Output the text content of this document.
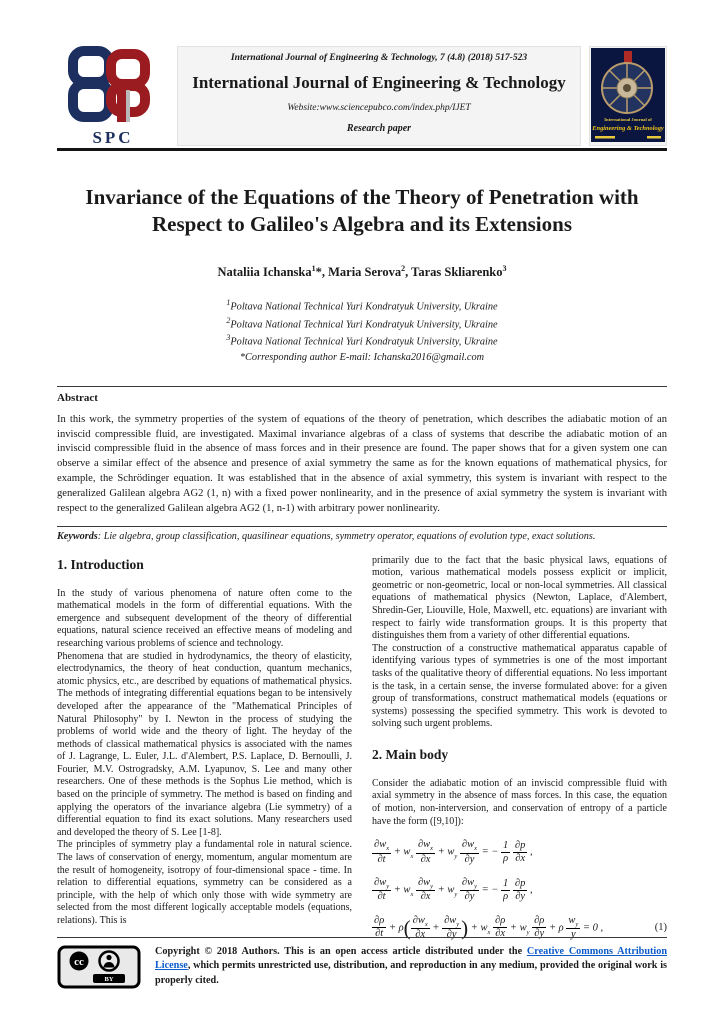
SPC
International Journal of Engineering & Technology, 7 (4.8) (2018) 517-523
International Journal of Engineering & Technology
Website:www.sciencepubco.com/index.php/IJET
Research paper
International Journal of
Engineering & Technology
Invariance of the Equations of the Theory of Penetration with
Respect to Galileo's Algebra and its Extensions
Nataliia Ichanska$^1$*, Maria Serova$^2$, Taras Skliarenko$^3$
$^1$Poltava National Technical Yuri Kondratyuk University, Ukraine
$^2$Poltava National Technical Yuri Kondratyuk University, Ukraine
$^3$Poltava National Technical Yuri Kondratyuk University, Ukraine
*Corresponding author E-mail: Ichanska2016@gmail.com
Abstract

In this work, the symmetry properties of the system of equations of the theory of penetration, which describes the adiabatic motion of an inviscid compressible fluid, are investigated. Maximal invariance algebras of a class of systems that describe the adiabatic motion of an inviscid compressible fluid in the absence of mass forces and in their presence are found. The paper shows that for a given system one can observe a similar effect of the absence and presence of axial symmetry the same as for the known equations of mathematical physics, for example, the Schrödinger equation. It was established that in the absence of axial symmetry, this system is invariant with respect to the generalized Galilean algebra AG2 (1, n) with a fixed power nonlinearity, and in the presence of axial symmetry the system is invariant with respect to the generalized Galilean algebra AG2 (1, n-1) with arbitrary power nonlinearity.

Keywords: Lie algebra, group classification, quasilinear equations, symmetry operator, equations of evolution type, exact solutions.
1. Introduction

In the study of various phenomena of nature often come to the mathematical models in the form of differential equations. With the emergence and subsequent development of the theory of differential equations, natural science received an effective means of modeling and researching various problems of science and technology.

Phenomena that are studied in hydrodynamics, the theory of elasticity, electrodynamics, the theory of heat conduction, quantum mechanics, atomic physics, etc., are described by equations of mathematical physics. The methods of integrating differential equations began to be intensively developed after the appearance of the "Mathematical Principles of Natural Philosophy" by I. Newton in the process of studying the problems of world wide and the theory of light. The heyday of the methods of classical mathematical physics is associated with the names of J. Lagrange, L. Euler, J.L. d'Alembert, P.S. Laplace, D. Bernoulli, J. Fourier, M.V. Ostrogradsky, A.M. Lyapunov, S. Lee and many other researchers. One of these methods is the Sophus Lie method, which is based on the principle of symmetry. The method is based on finding and applying the operators of the invariance algebra (Lie symmetry) of a differential equation to find its exact solutions. Many researchers used and developed the theory of S. Lee [1-8].

The principles of symmetry play a fundamental role in natural science. The laws of conservation of energy, momentum, angular momentum are the result of homogeneity, isotropy of four-dimensional space - time. In relation to differential equations, symmetry can be considered as a principle, with the help of which only those with wide symmetry are selected from the most different logically acceptable models (equations, relations). This is

primarily due to the fact that the basic physical laws, equations of motion, various mathematical models possess explicit or implicit, geometric or non-geometric, local or non-local symmetries. All classical equations of mathematical physics (Newton, Laplace, d'Alembert, Shredin-Ger, Liouville, Hole, Maxwell, etc. equations) are invariant with respect to fairly wide transformation groups. It is this property that distinguishes them from a variety of other differential equations.

The construction of a constructive mathematical apparatus capable of identifying various types of symmetries is one of the most important tasks of the qualitative theory of differential equations. No less important is the task, in a certain sense, the inverse formulated above: for a given group of transformations, construct mathematical models (equations or systems) possessing the specified symmetry. This work is devoted to solving such urgent problems.

2. Main body

Consider the adiabatic motion of an inviscid compressible fluid with axial symmetry in the absence of mass forces. In this case, the equation of motion, non-interversion, and conservation of entropy of a particle have the form ([9,10]):

$\frac{\partial w_x}{\partial t} + w_x \frac{\partial w_x}{\partial x} + w_y \frac{\partial w_x}{\partial y}$ = − $\frac{1}{\rho}$
$\frac{\partial p}{\partial x}$ ,
$\frac{\partial w_y}{\partial t} + w_x \frac{\partial w_y}{\partial x} + w_y \frac{\partial w_y}{\partial y}$ = − $\frac{1}{\rho}$
$\frac{\partial p}{\partial y}$ ,
$\frac{\partial\rho}{\partial t} + \rho( \frac{\partial w_x}{\partial x} + \frac{\partial w_y}{\partial y}$ ) + $w_x \frac{\partial\rho}{\partial x} + w_y \frac{\partial\rho}{\partial y} + \rho \frac{w_y}{y} = 0$ ,	(1)
cc
BY

Copyright © 2018 Authors. This is an open access article distributed under the Creative Commons Attribution License, which permits unrestricted use, distribution, and reproduction in any medium, provided the original work is properly cited.
